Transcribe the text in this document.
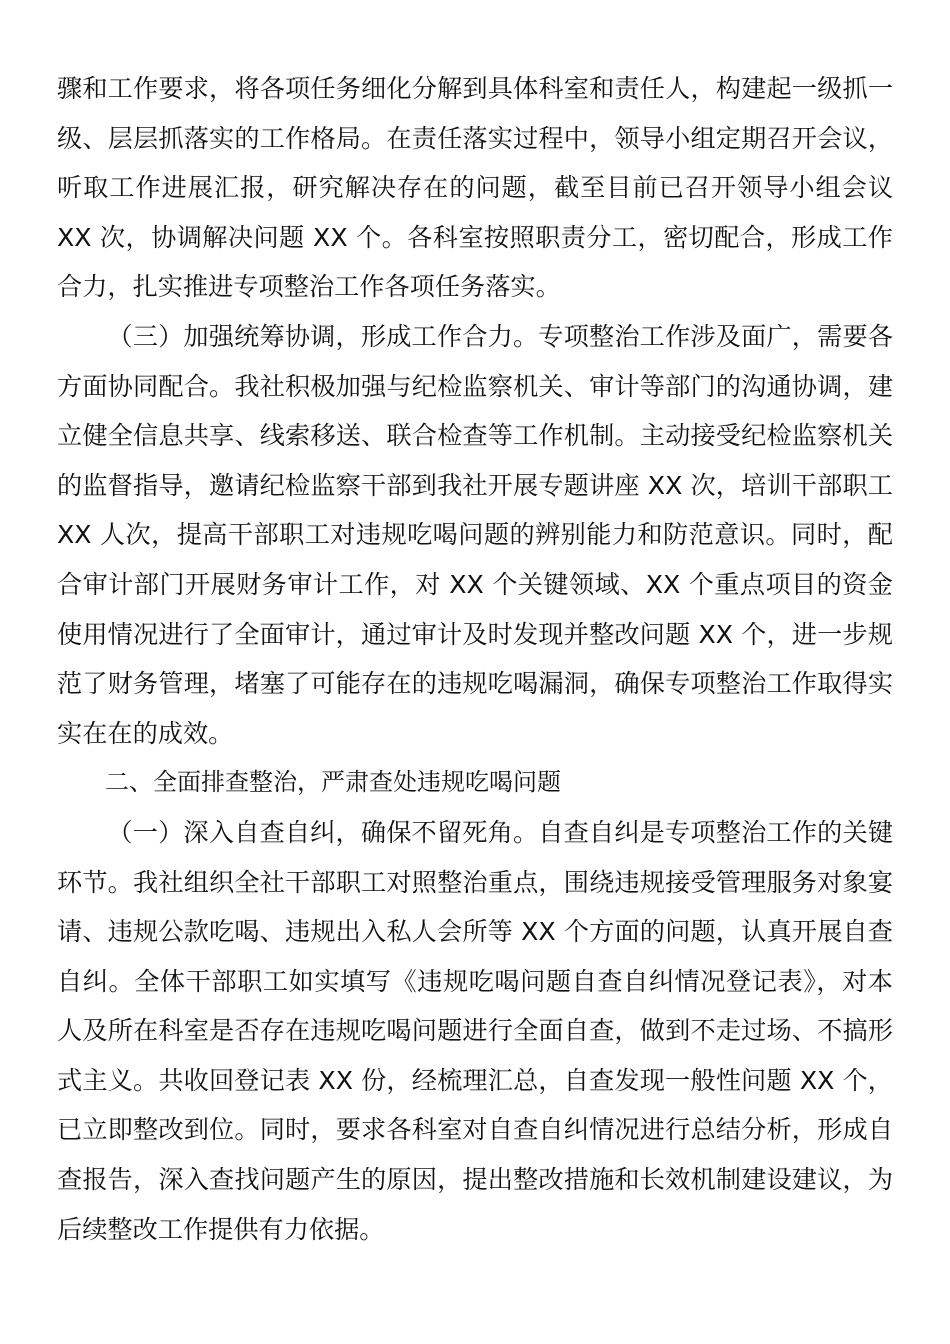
骤和工作要求，将各项任务细化分解到具体科室和责任人，构建起一级抓一级、层层抓落实的工作格局。在责任落实过程中，领导小组定期召开会议，听取工作进展汇报，研究解决存在的问题，截至目前已召开领导小组会议 XX 次，协调解决问题 XX 个。各科室按照职责分工，密切配合，形成工作合力，扎实推进专项整治工作各项任务落实。

（三）加强统筹协调，形成工作合力。专项整治工作涉及面广，需要各方面协同配合。我社积极加强与纪检监察机关、审计等部门的沟通协调，建立健全信息共享、线索移送、联合检查等工作机制。主动接受纪检监察机关的监督指导，邀请纪检监察干部到我社开展专题讲座 XX 次，培训干部职工 XX 人次，提高干部职工对违规吃喝问题的辨别能力和防范意识。同时，配合审计部门开展财务审计工作，对 XX 个关键领域、XX 个重点项目的资金使用情况进行了全面审计，通过审计及时发现并整改问题 XX 个，进一步规范了财务管理，堵塞了可能存在的违规吃喝漏洞，确保专项整治工作取得实实在在的成效。

二、全面排查整治，严肃查处违规吃喝问题

（一）深入自查自纠，确保不留死角。自查自纠是专项整治工作的关键环节。我社组织全社干部职工对照整治重点，围绕违规接受管理服务对象宴请、违规公款吃喝、违规出入私人会所等 XX 个方面的问题，认真开展自查自纠。全体干部职工如实填写《违规吃喝问题自查自纠情况登记表》，对本人及所在科室是否存在违规吃喝问题进行全面自查，做到不走过场、不搞形式主义。共收回登记表 XX 份，经梳理汇总，自查发现一般性问题 XX 个，已立即整改到位。同时，要求各科室对自查自纠情况进行总结分析，形成自查报告，深入查找问题产生的原因，提出整改措施和长效机制建设建议，为后续整改工作提供有力依据。
